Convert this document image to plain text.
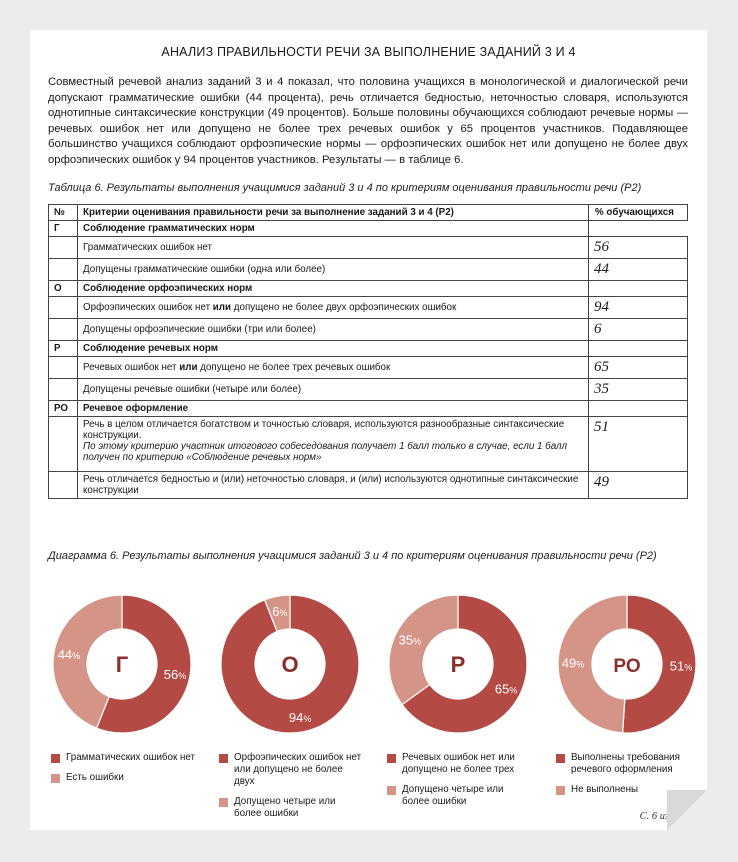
АНАЛИЗ ПРАВИЛЬНОСТИ РЕЧИ ЗА ВЫПОЛНЕНИЕ ЗАДАНИЙ 3 И 4
Совместный речевой анализ заданий 3 и 4 показал, что половина учащихся в монологической и диалогической речи допускают грамматические ошибки (44 процента), речь отличается бедностью, неточностью словаря, используются однотипные синтаксические конструкции (49 процентов). Больше половины обучающихся соблюдают речевые нормы — речевых ошибок нет или допущено не более трех речевых ошибок у 65 процентов участников. Подавляющее большинство учащихся соблюдают орфоэпические нормы — орфоэпических ошибок нет или допущено не более двух орфоэпических ошибок у 94 процентов участников. Результаты — в таблице 6.
Таблица 6. Результаты выполнения учащимися заданий 3 и 4 по критериям оценивания правильности речи (Р2)
№	Критерии оценивания правильности речи за выполнение заданий 3 и 4 (Р2)	% обучающихся
Г	Соблюдение грамматических норм	
	Грамматических ошибок нет	56
	Допущены грамматические ошибки (одна или более)	44
О	Соблюдение орфоэпических норм	
	Орфоэпических ошибок нет или допущено не более двух орфоэпических ошибок	94
	Допущены орфоэпические ошибки (три или более)	6
Р	Соблюдение речевых норм	
	Речевых ошибок нет или допущено не более трех речевых ошибок	65
	Допущены речевые ошибки (четыре или более)	35
РО	Речевое оформление	
	Речь в целом отличается богатством и точностью словаря, используются разнообразные синтаксические конструкции.
По этому критерию участник итогового собеседования получает 1 балл только в случае, если 1 балл получен по критерию «Соблюдение речевых норм»	51
	Речь отличается бедностью и (или) неточностью словаря, и (или) используются однотипные синтаксические конструкции	49
Диаграмма 6. Результаты выполнения учащимися заданий 3 и 4 по критериям оценивания правильности речи (Р2)
56%
44% Г
Грамматических ошибок нет
Есть ошибки
94%
6%
О
Орфоэпических ошибок нет или допущено не более двух
Допущено четыре или более ошибки
65%
35%
Р
Речевых ошибок нет или допущено не более трех
Допущено четыре или более ошибки
51%
49% РО
Выполнены требования речевого оформления
Не выполнены
С. 6 из 7
